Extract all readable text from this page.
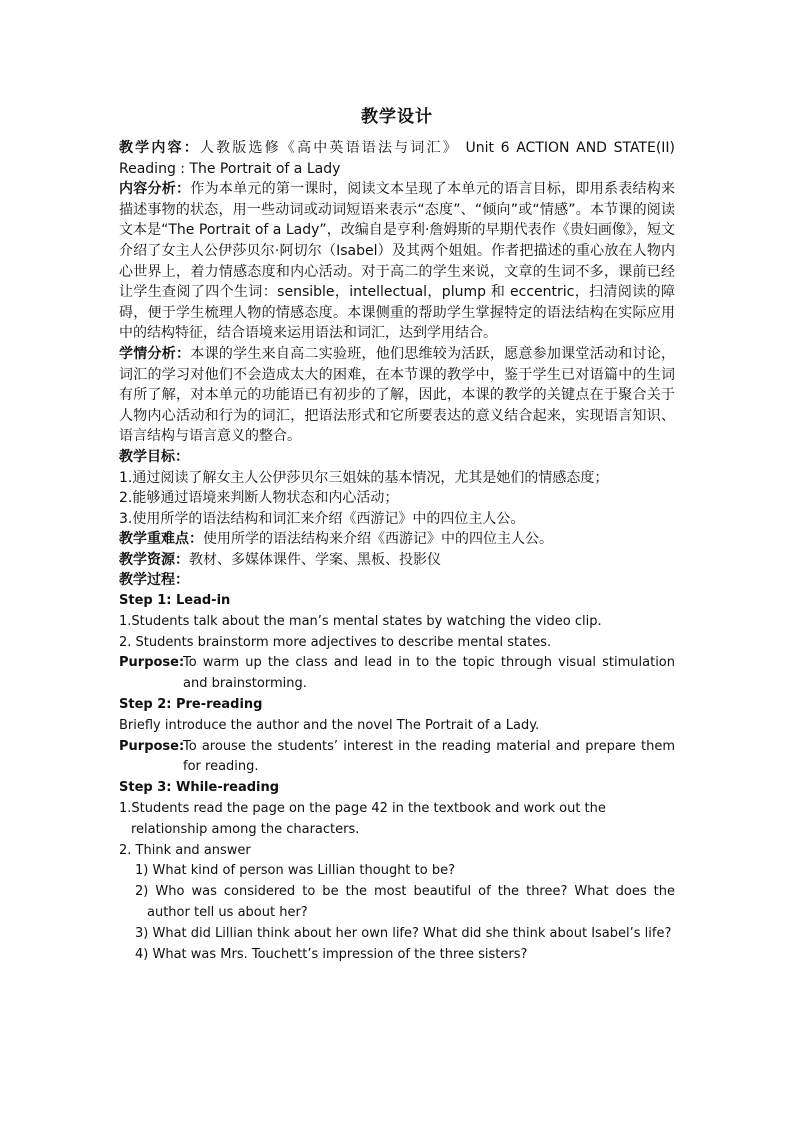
教学设计
教学内容：人教版选修《高中英语语法与词汇》 Unit 6 ACTION AND STATE(II) Reading : The Portrait of a Lady
内容分析：作为本单元的第一课时，阅读文本呈现了本单元的语言目标，即用系表结构来描述事物的状态，用一些动词或动词短语来表示“态度”、“倾向”或“情感”。本节课的阅读文本是“The Portrait of a Lady”，改编自是亨利·詹姆斯的早期代表作《贵妇画像》，短文介绍了女主人公伊莎贝尔·阿切尔（Isabel）及其两个姐姐。作者把描述的重心放在人物内心世界上，着力情感态度和内心活动。对于高二的学生来说，文章的生词不多，课前已经让学生查阅了四个生词：sensible，intellectual，plump 和 eccentric，扫清阅读的障碍，便于学生梳理人物的情感态度。本课侧重的帮助学生掌握特定的语法结构在实际应用中的结构特征，结合语境来运用语法和词汇，达到学用结合。
学情分析：本课的学生来自高二实验班，他们思维较为活跃，愿意参加课堂活动和讨论，词汇的学习对他们不会造成太大的困难，在本节课的教学中，鉴于学生已对语篇中的生词有所了解，对本单元的功能语已有初步的了解，因此，本课的教学的关键点在于聚合关于人物内心活动和行为的词汇，把语法形式和它所要表达的意义结合起来，实现语言知识、语言结构与语言意义的整合。
教学目标：
1.通过阅读了解女主人公伊莎贝尔三姐妹的基本情况，尤其是她们的情感态度；
2.能够通过语境来判断人物状态和内心活动；
3.使用所学的语法结构和词汇来介绍《西游记》中的四位主人公。
教学重难点：使用所学的语法结构来介绍《西游记》中的四位主人公。
教学资源：教材、多媒体课件、学案、黑板、投影仪
教学过程：
Step 1: Lead-in
1.Students talk about the man’s mental states by watching the video clip.
2. Students brainstorm more adjectives to describe mental states.
Purpose:
To warm up the class and lead in to the topic through visual stimulation and brainstorming.
Step 2: Pre-reading
Briefly introduce the author and the novel The Portrait of a Lady.
Purpose:
To arouse the students’ interest in the reading material and prepare them for reading.
Step 3: While-reading
1.Students read the page on the page 42 in the textbook and work out the relationship among the characters.
2. Think and answer
1) What kind of person was Lillian thought to be?
2) Who was considered to be the most beautiful of the three? What does the author tell us about her?
3) What did Lillian think about her own life? What did she think about Isabel’s life?
4) What was Mrs. Touchett’s impression of the three sisters?
